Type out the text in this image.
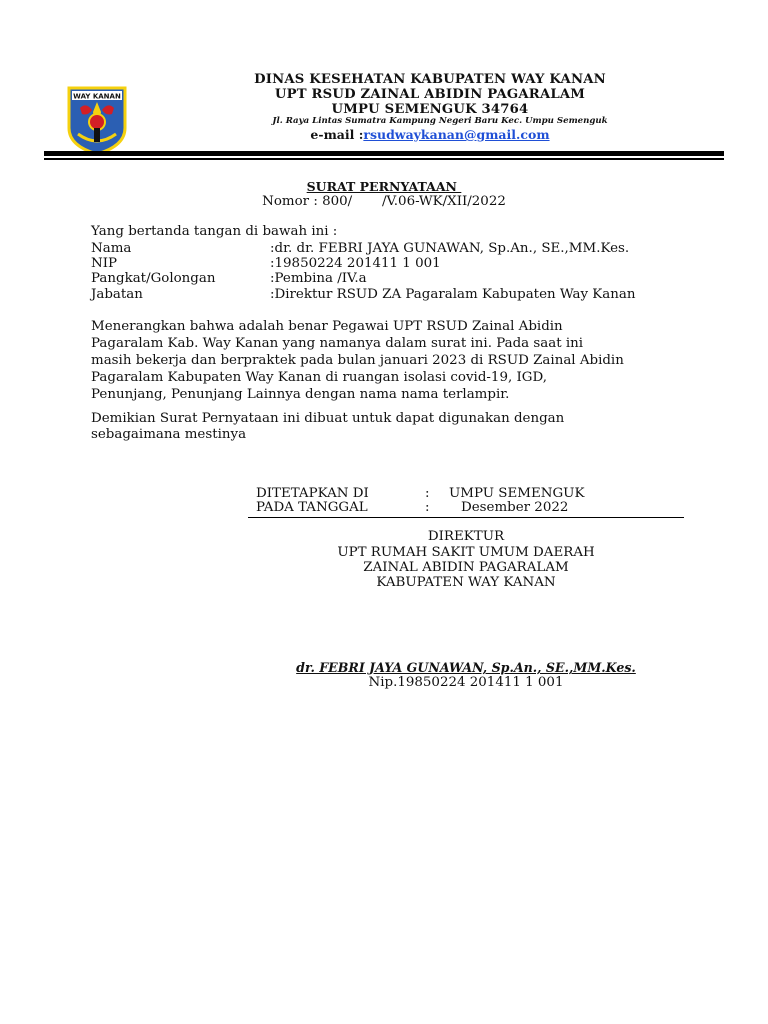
WAY KANAN
DINAS KESEHATAN KABUPATEN WAY KANAN
UPT RSUD ZAINAL ABIDIN PAGARALAM
UMPU SEMENGUK 34764
Jl. Raya Lintas Sumatra Kampung Negeri Baru Kec. Umpu Semenguk
e-mail :rsudwaykanan@gmail.com
SURAT PERNYATAAN
Nomor : 800/       /V.06-WK/XII/2022
Yang bertanda tangan di bawah ini :
Nama	:dr. dr. FEBRI JAYA GUNAWAN, Sp.An., SE.,MM.Kes.
NIP	:19850224 201411 1 001
Pangkat/Golongan	:Pembina /IV.a
Jabatan	:Direktur RSUD ZA Pagaralam Kabupaten Way Kanan
Menerangkan bahwa adalah benar Pegawai UPT RSUD Zainal Abidin
Pagaralam Kab. Way Kanan yang namanya dalam surat ini. Pada saat ini
masih bekerja dan berpraktek pada bulan januari 2023 di RSUD Zainal Abidin
Pagaralam Kabupaten Way Kanan di ruangan isolasi covid-19, IGD,
Penunjang, Penunjang Lainnya dengan nama nama terlampir.
Demikian Surat Pernyataan ini dibuat untuk dapat digunakan dengan
sebagaimana mestinya
DITETAPKAN DI	: UMPU SEMENGUK
PADA TANGGAL	: Desember 2022
DIREKTUR
UPT RUMAH SAKIT UMUM DAERAH
ZAINAL ABIDIN PAGARALAM
KABUPATEN WAY KANAN
dr. FEBRI JAYA GUNAWAN, Sp.An., SE.,MM.Kes.
Nip.19850224 201411 1 001
